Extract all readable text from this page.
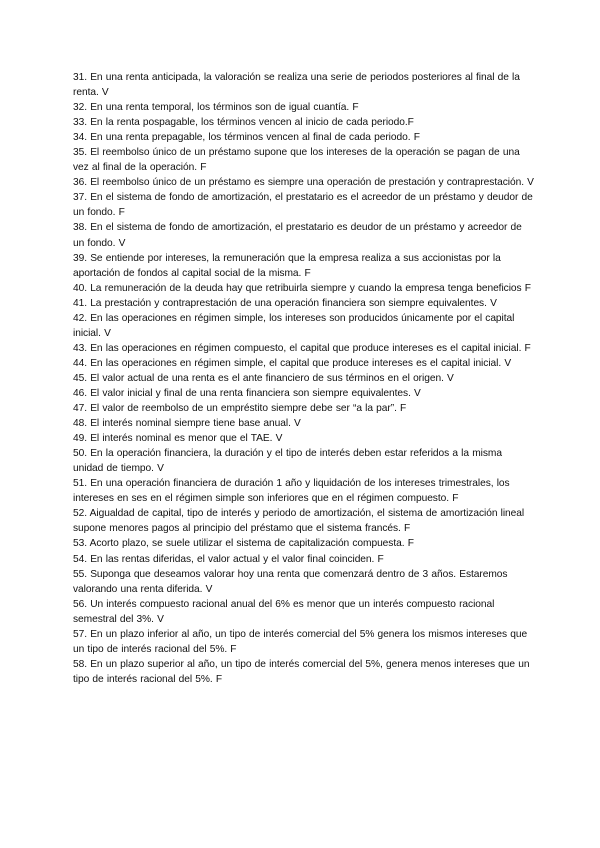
31. En una renta anticipada, la valoración se realiza una serie de periodos posteriores al final de la renta. V

32. En una renta temporal, los términos son de igual cuantía. F

33. En la renta pospagable, los términos vencen al inicio de cada periodo.F

34. En una renta prepagable, los términos vencen al final de cada periodo. F

35. El reembolso único de un préstamo supone que los intereses de la operación se pagan de una vez al final de la operación. F

36. El reembolso único de un préstamo es siempre una operación de prestación y contraprestación. V

37. En el sistema de fondo de amortización, el prestatario es el acreedor de un préstamo y deudor de un fondo. F

38. En el sistema de fondo de amortización, el prestatario es deudor de un préstamo y acreedor de un fondo. V

39. Se entiende por intereses, la remuneración que la empresa realiza a sus accionistas por la aportación de fondos al capital social de la misma. F

40. La remuneración de la deuda hay que retribuirla siempre y cuando la empresa tenga beneficios F

41. La prestación y contraprestación de una operación financiera son siempre equivalentes. V

42. En las operaciones en régimen simple, los intereses son producidos únicamente por el capital inicial. V

43. En las operaciones en régimen compuesto, el capital que produce intereses es el capital inicial. F

44. En las operaciones en régimen simple, el capital que produce intereses es el capital inicial. V

45. El valor actual de una renta es el ante financiero de sus términos en el origen. V

46. El valor inicial y final de una renta financiera son siempre equivalentes. V

47. El valor de reembolso de un empréstito siempre debe ser “a la par”. F

48. El interés nominal siempre tiene base anual. V

49. El interés nominal es menor que el TAE. V

50. En la operación financiera, la duración y el tipo de interés deben estar referidos a la misma unidad de tiempo. V

51. En una operación financiera de duración 1 año y liquidación de los intereses trimestrales, los intereses en ses en el régimen simple son inferiores que en el régimen compuesto. F

52. Aigualdad de capital, tipo de interés y periodo de amortización, el sistema de amortización lineal supone menores pagos al principio del préstamo que el sistema francés. F

53. Acorto plazo, se suele utilizar el sistema de capitalización compuesta. F

54. En las rentas diferidas, el valor actual y el valor final coinciden. F

55. Suponga que deseamos valorar hoy una renta que comenzará dentro de 3 años. Estaremos valorando una renta diferida. V

56. Un interés compuesto racional anual del 6% es menor que un interés compuesto racional semestral del 3%. V

57. En un plazo inferior al año, un tipo de interés comercial del 5% genera los mismos intereses que un tipo de interés racional del 5%. F

58. En un plazo superior al año, un tipo de interés comercial del 5%, genera menos intereses que un tipo de interés racional del 5%. F
